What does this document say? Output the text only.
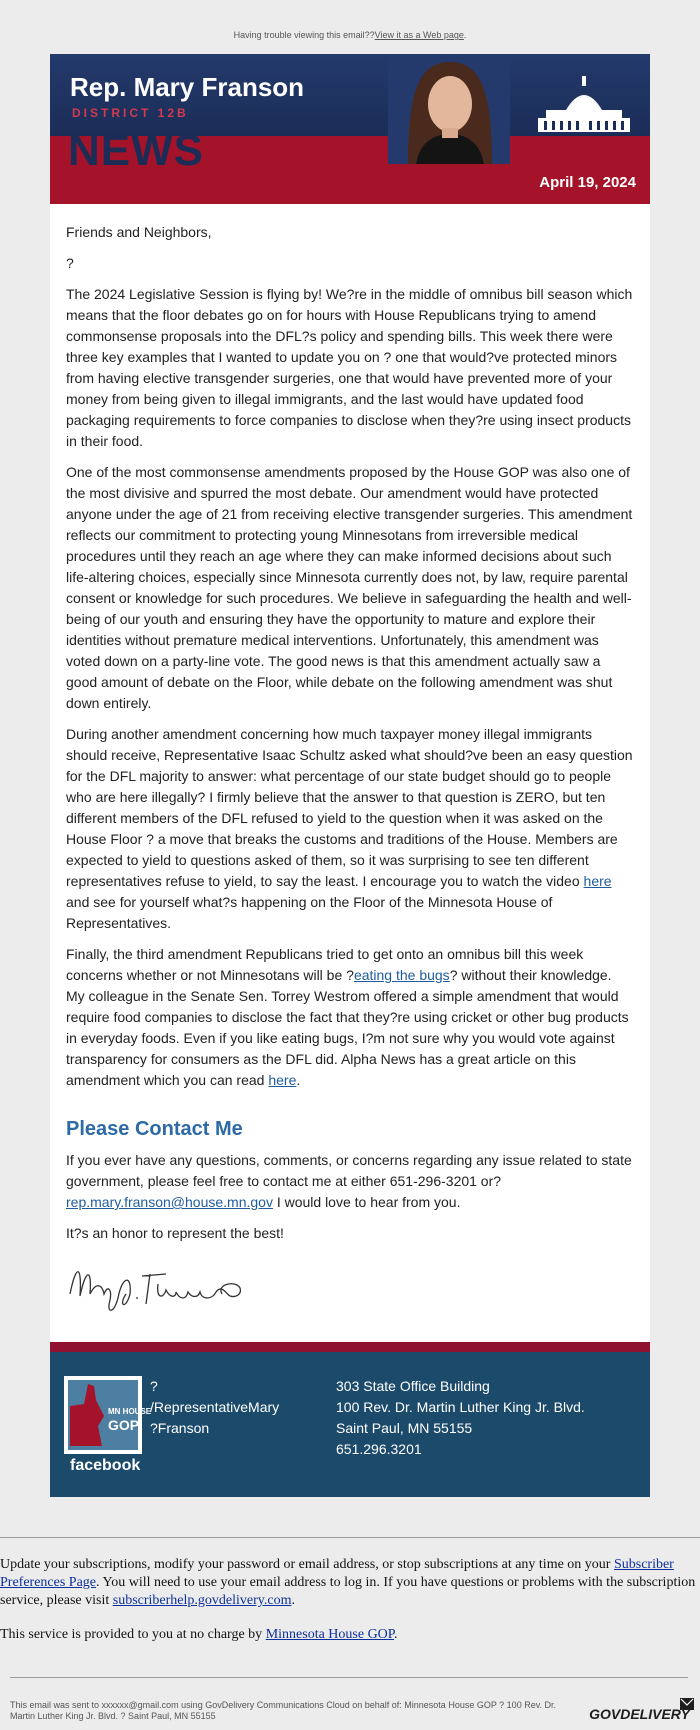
Having trouble viewing this email??View it as a Web page.
Rep. Mary Franson
DISTRICT 12B
NEWS
April 19, 2024

Friends and Neighbors,

?

The 2024 Legislative Session is flying by! We?re in the middle of omnibus bill season which means that the floor debates go on for hours with House Republicans trying to amend commonsense proposals into the DFL?s policy and spending bills. This week there were three key examples that I wanted to update you on ? one that would?ve protected minors from having elective transgender surgeries, one that would have prevented more of your money from being given to illegal immigrants, and the last would have updated food packaging requirements to force companies to disclose when they?re using insect products in their food.

One of the most commonsense amendments proposed by the House GOP was also one of the most divisive and spurred the most debate. Our amendment would have protected anyone under the age of 21 from receiving elective transgender surgeries. This amendment reflects our commitment to protecting young Minnesotans from irreversible medical procedures until they reach an age where they can make informed decisions about such life-altering choices, especially since Minnesota currently does not, by law, require parental consent or knowledge for such procedures. We believe in safeguarding the health and well-being of our youth and ensuring they have the opportunity to mature and explore their identities without premature medical interventions. Unfortunately, this amendment was voted down on a party-line vote. The good news is that this amendment actually saw a good amount of debate on the Floor, while debate on the following amendment was shut down entirely.

During another amendment concerning how much taxpayer money illegal immigrants should receive, Representative Isaac Schultz asked what should?ve been an easy question for the DFL majority to answer: what percentage of our state budget should go to people who are here illegally? I firmly believe that the answer to that question is ZERO, but ten different members of the DFL refused to yield to the question when it was asked on the House Floor ? a move that breaks the customs and traditions of the House. Members are expected to yield to questions asked of them, so it was surprising to see ten different representatives refuse to yield, to say the least. I encourage you to watch the video here and see for yourself what?s happening on the Floor of the Minnesota House of Representatives.

Finally, the third amendment Republicans tried to get onto an omnibus bill this week concerns whether or not Minnesotans will be ?eating the bugs? without their knowledge. My colleague in the Senate Sen. Torrey Westrom offered a simple amendment that would require food companies to disclose the fact that they?re using cricket or other bug products in everyday foods. Even if you like eating bugs, I?m not sure why you would vote against transparency for consumers as the DFL did. Alpha News has a great article on this amendment which you can read here.

Please Contact Me

If you ever have any questions, comments, or concerns regarding any issue related to state government, please feel free to contact me at either 651-296-3201 or?
rep.mary.franson@house.mn.gov I would love to hear from you.

It?s an honor to represent the best!

MN HOUSE
GOP
facebook
?
/RepresentativeMary
?Franson
303 State Office Building
100 Rev. Dr. Martin Luther King Jr. Blvd.
Saint Paul, MN 55155
651.296.3201

Update your subscriptions, modify your password or email address, or stop subscriptions at any time on your Subscriber Preferences Page. You will need to use your email address to log in. If you have questions or problems with the subscription service, please visit subscriberhelp.govdelivery.com.

This service is provided to you at no charge by Minnesota House GOP.

This email was sent to xxxxxx@gmail.com using GovDelivery Communications Cloud on behalf of: Minnesota House GOP ? 100 Rev. Dr. Martin Luther King Jr. Blvd. ? Saint Paul, MN 55155	GOVDELIVERY
